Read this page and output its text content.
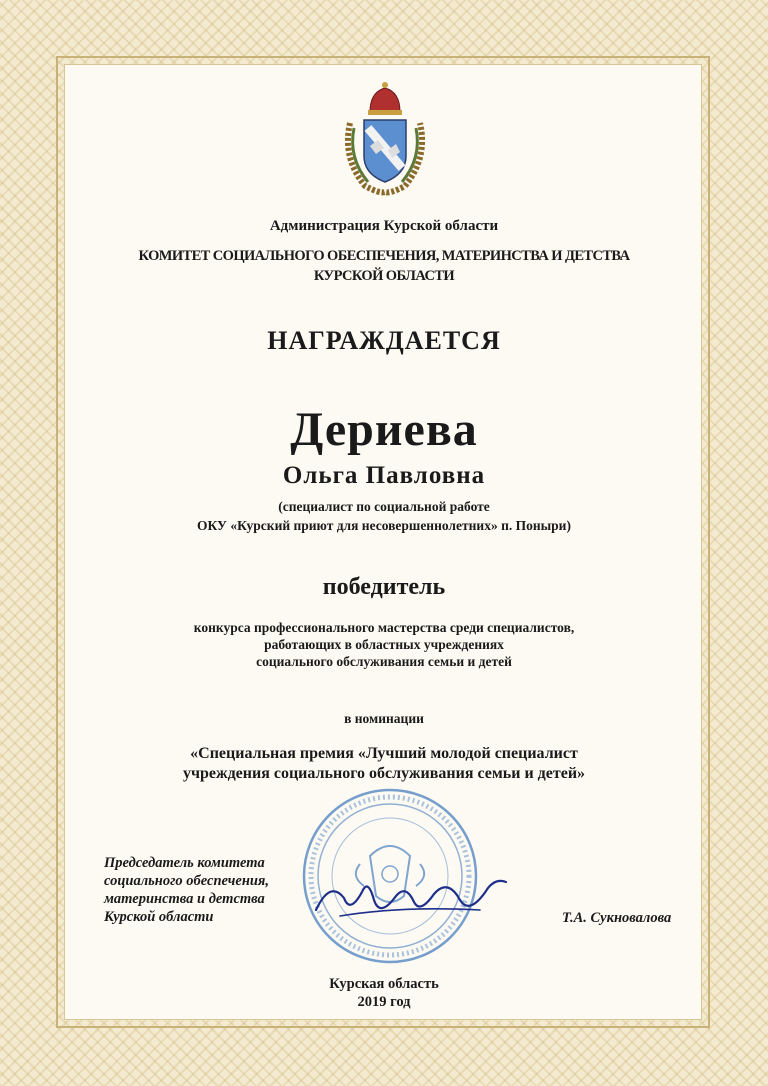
Администрация Курской области
КОМИТЕТ СОЦИАЛЬНОГО ОБЕСПЕЧЕНИЯ, МАТЕРИНСТВА И ДЕТСТВА
КУРСКОЙ ОБЛАСТИ
НАГРАЖДАЕТСЯ
Дериева
Ольга Павловна
(специалист по социальной работе
ОКУ «Курский приют для несовершеннолетних» п. Поныри)
победитель
конкурса профессионального мастерства среди специалистов,
работающих в областных учреждениях
социального обслуживания семьи и детей
в номинации
«Специальная премия «Лучший молодой специалист
учреждения социального обслуживания семьи и детей»
Председатель комитета
социального обеспечения,
материнства и детства
Курской области	Т.А. Сукновалова
Курская область
2019 год
